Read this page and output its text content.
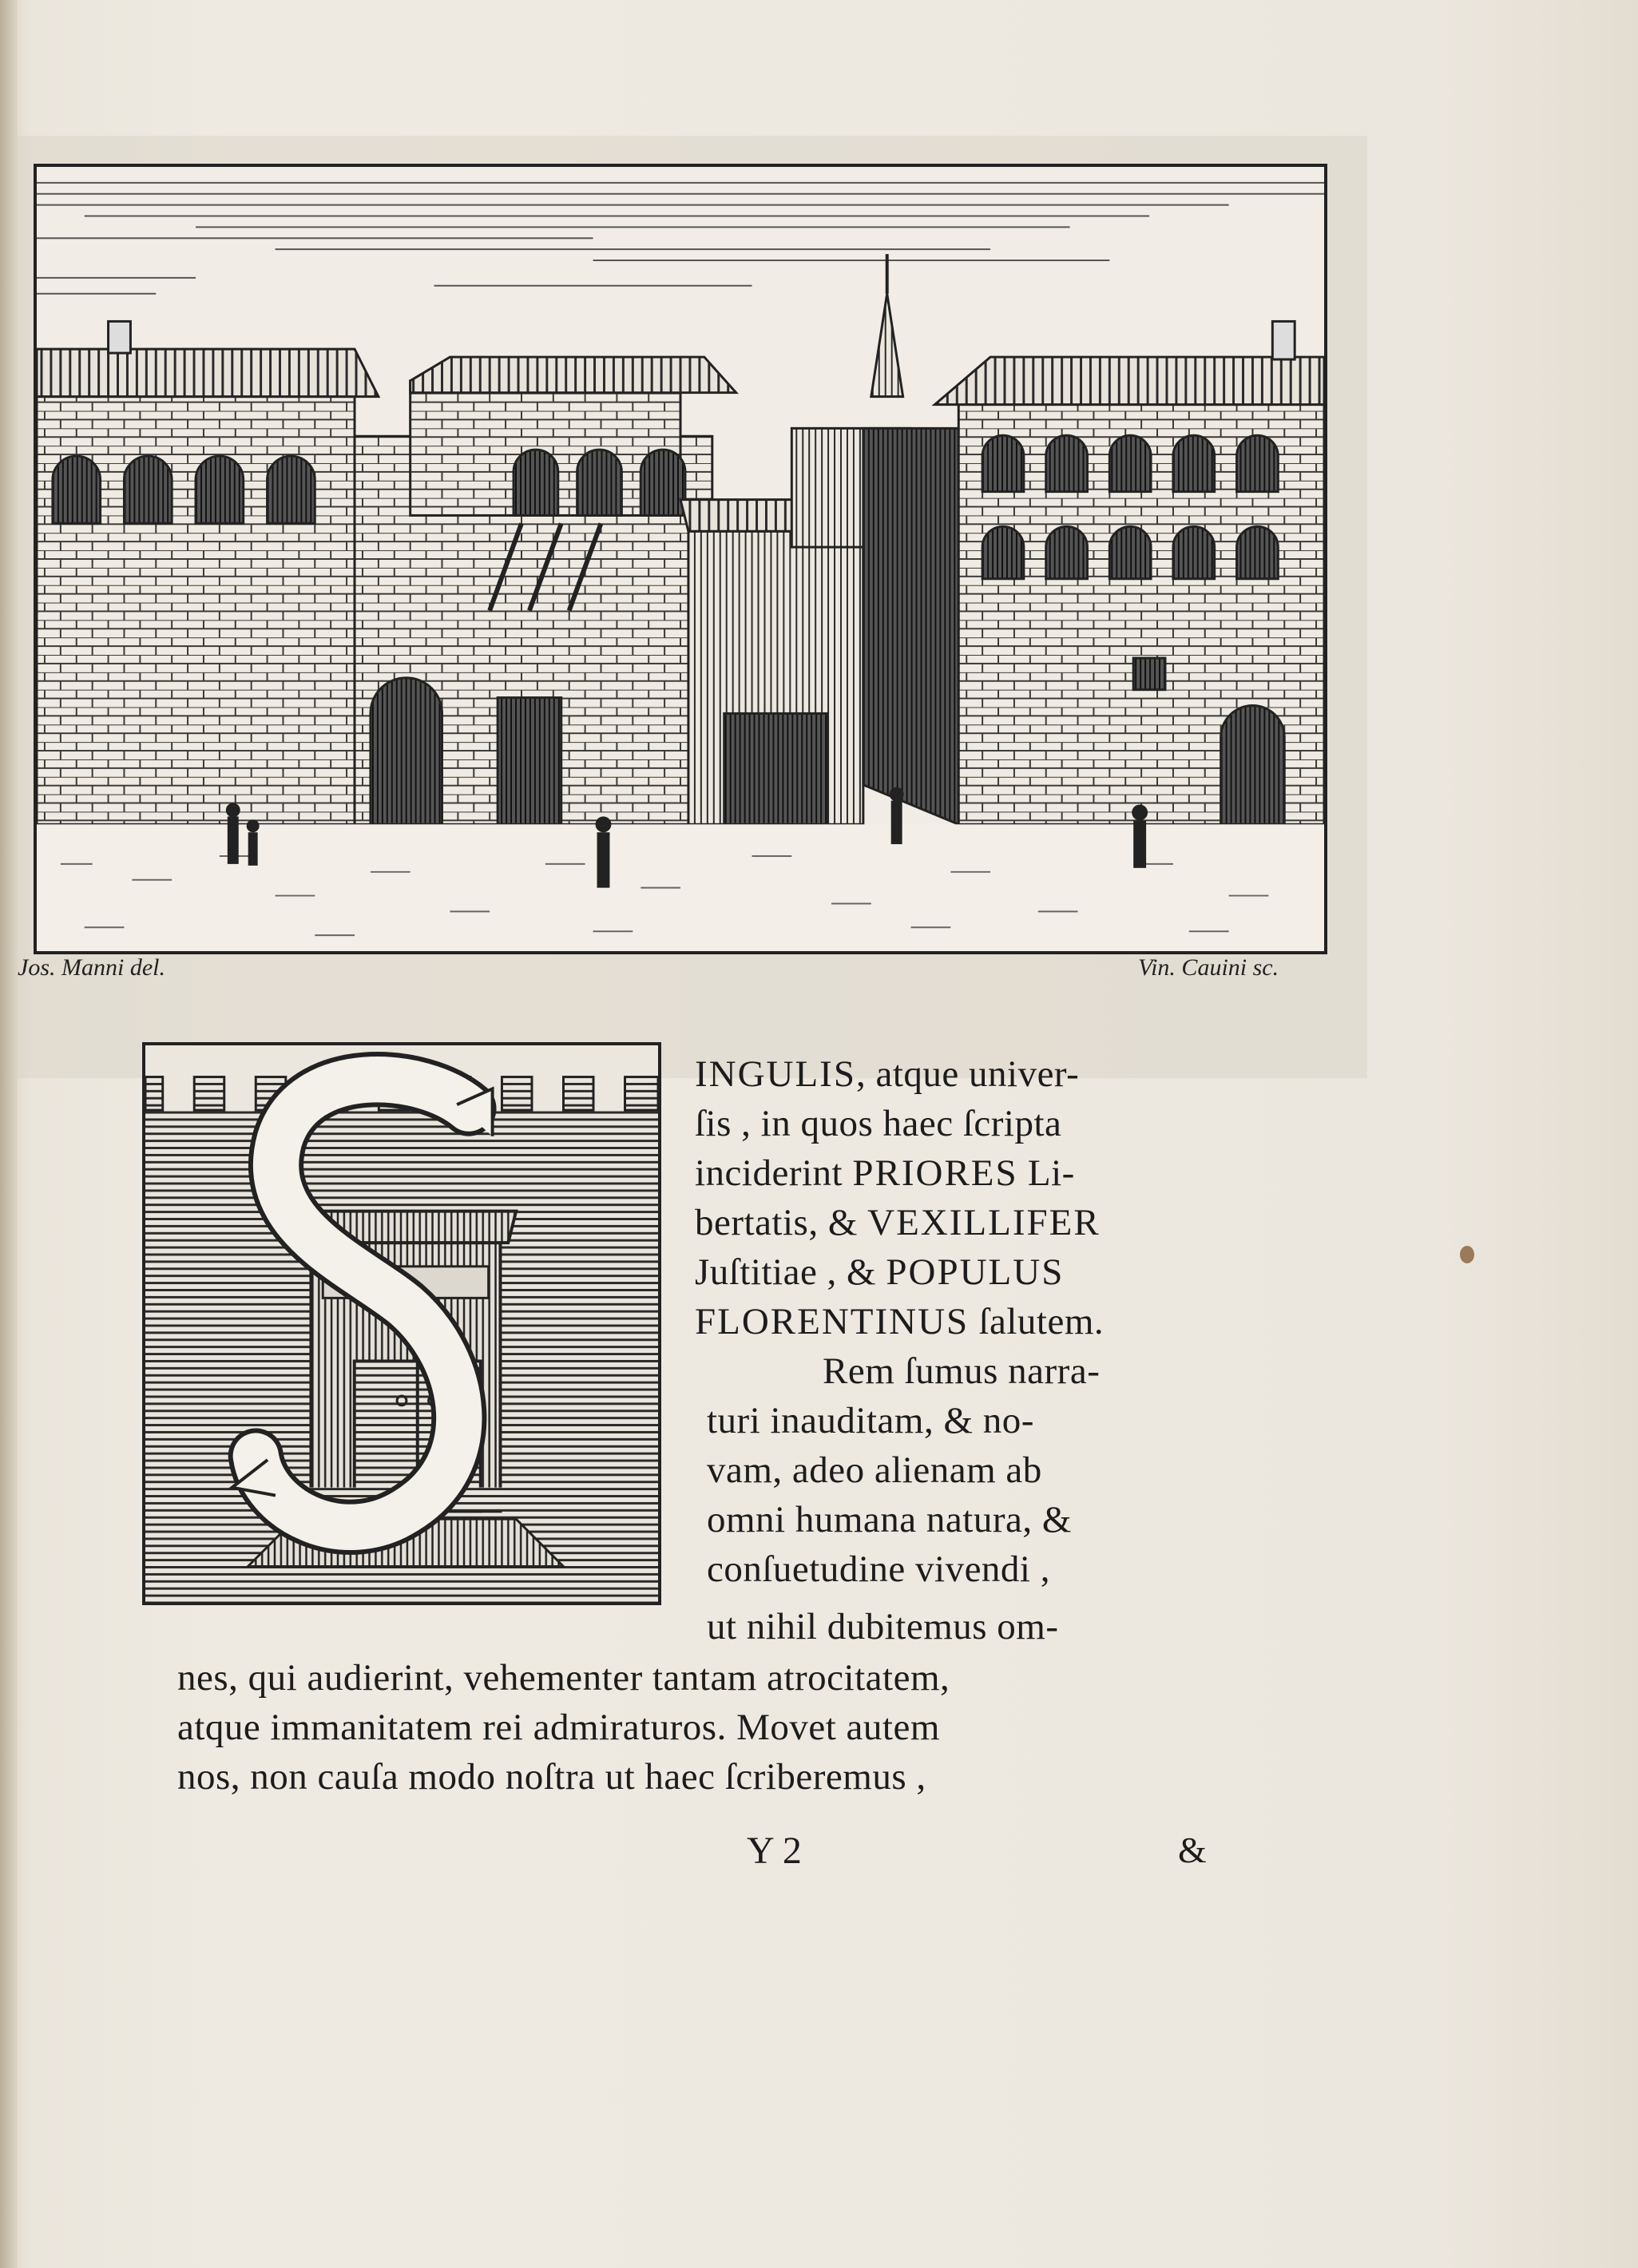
Jos. Manni del.	Vin. Cauini sc.
INGULIS, atque univer-
ſis , in quos haec ſcripta
inciderint PRIORES Li-
bertatis, & VEXILLIFER
Juſtitiae , & POPULUS
FLORENTINUS ſalutem.
Rem ſumus narra-
turi inauditam, & no-
vam, adeo alienam ab
omni humana natura, &
conſuetudine vivendi ,
ut nihil dubitemus om-
nes, qui audierint, vehementer tantam atrocitatem,
atque immanitatem rei admiraturos. Movet autem
nos, non cauſa modo noſtra ut haec ſcriberemus ,
Y 2	&
